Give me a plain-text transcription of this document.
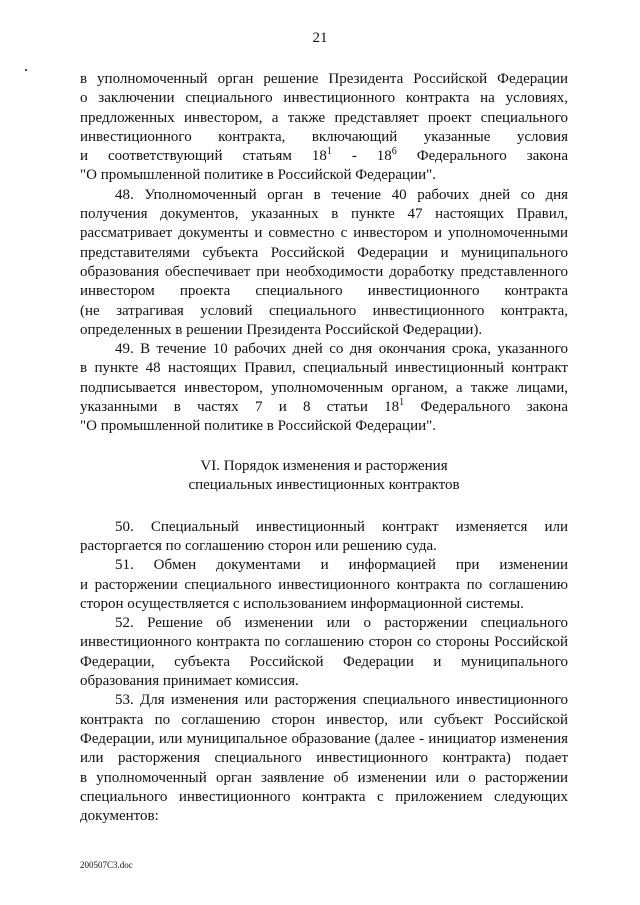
21
в уполномоченный орган решение Президента Российской Федерации
о заключении специального инвестиционного контракта на условиях,
предложенных инвестором, а также представляет проект специального
инвестиционного контракта, включающий указанные условия
и соответствующий статьям $18^1 - 18^6$ Федерального закона
"О промышленной политике в Российской Федерации".
48. Уполномоченный орган в течение 40 рабочих дней со дня
получения документов, указанных в пункте 47 настоящих Правил,
рассматривает документы и совместно с инвестором и уполномоченными
представителями субъекта Российской Федерации и муниципального
образования обеспечивает при необходимости доработку представленного
инвестором проекта специального инвестиционного контракта
(не затрагивая условий специального инвестиционного контракта,
определенных в решении Президента Российской Федерации).
49. В течение 10 рабочих дней со дня окончания срока, указанного
в пункте 48 настоящих Правил, специальный инвестиционный контракт
подписывается инвестором, уполномоченным органом, а также лицами,
указанными в частях 7 и 8 статьи $18^1$ Федерального закона
"О промышленной политике в Российской Федерации".
VI. Порядок изменения и расторжения
специальных инвестиционных контрактов
50. Специальный инвестиционный контракт изменяется или
расторгается по соглашению сторон или решению суда.
51. Обмен документами и информацией при изменении
и расторжении специального инвестиционного контракта по соглашению
сторон осуществляется с использованием информационной системы.
52. Решение об изменении или о расторжении специального
инвестиционного контракта по соглашению сторон со стороны Российской
Федерации, субъекта Российской Федерации и муниципального
образования принимает комиссия.
53. Для изменения или расторжения специального инвестиционного
контракта по соглашению сторон инвестор, или субъект Российской
Федерации, или муниципальное образование (далее - инициатор изменения
или расторжения специального инвестиционного контракта) подает
в уполномоченный орган заявление об изменении или о расторжении
специального инвестиционного контракта с приложением следующих
документов:
200507C3.doc
